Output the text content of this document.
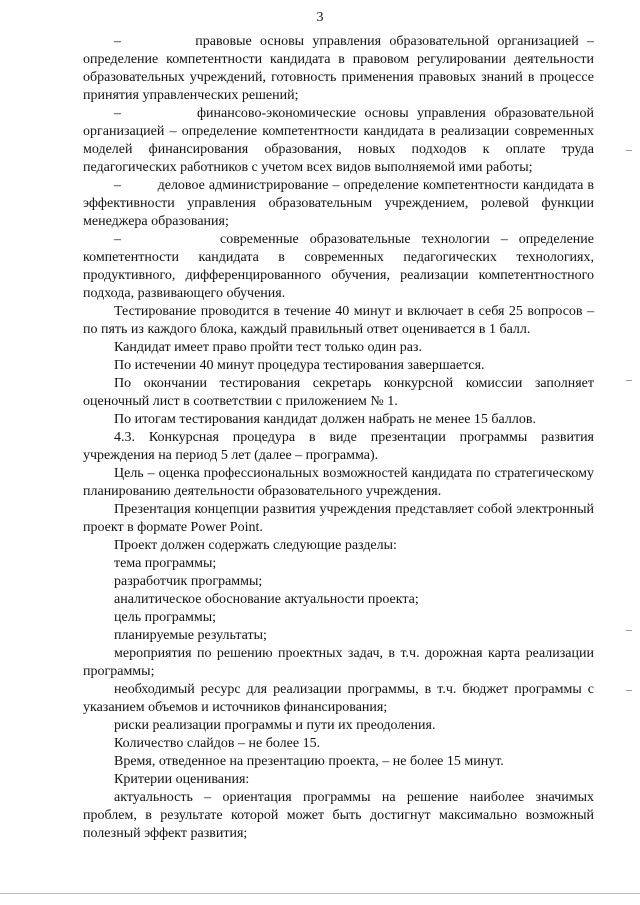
3

–         правовые основы управления образовательной организацией – определение компетентности кандидата в правовом регулировании деятельности образовательных учреждений, готовность применения правовых знаний в процессе принятия управленческих решений;

–         финансово-экономические основы управления образовательной организацией – определение компетентности кандидата в реализации современных моделей финансирования образования, новых подходов к оплате труда педагогических работников с учетом всех видов выполняемой ими работы;

–         деловое администрирование – определение компетентности кандидата в эффективности управления образовательным учреждением, ролевой функции менеджера образования;

–         современные образовательные технологии – определение компетентности кандидата в современных педагогических технологиях, продуктивного, дифференцированного обучения, реализации компетентностного подхода, развивающего обучения.

Тестирование проводится в течение 40 минут и включает в себя 25 вопросов – по пять из каждого блока, каждый правильный ответ оценивается в 1 балл.

Кандидат имеет право пройти тест только один раз.

По истечении 40 минут процедура тестирования завершается.

По окончании тестирования секретарь конкурсной комиссии заполняет оценочный лист в соответствии с приложением № 1.

По итогам тестирования кандидат должен набрать не менее 15 баллов.

4.3. Конкурсная процедура в виде презентации программы развития учреждения на период 5 лет (далее – программа).

Цель – оценка профессиональных возможностей кандидата по стратегическому планированию деятельности образовательного учреждения.

Презентация концепции развития учреждения представляет собой электронный проект в формате Power Point.

Проект должен содержать следующие разделы:

тема программы;

разработчик программы;

аналитическое обоснование актуальности проекта;

цель программы;

планируемые результаты;

мероприятия по решению проектных задач, в т.ч. дорожная карта реализации программы;

необходимый ресурс для реализации программы, в т.ч. бюджет программы с указанием объемов и источников финансирования;

риски реализации программы и пути их преодоления.

Количество слайдов – не более 15.

Время, отведенное на презентацию проекта, – не более 15 минут.

Критерии оценивания:

актуальность – ориентация программы на решение наиболее значимых проблем, в результате которой может быть достигнут максимально возможный полезный эффект развития;
